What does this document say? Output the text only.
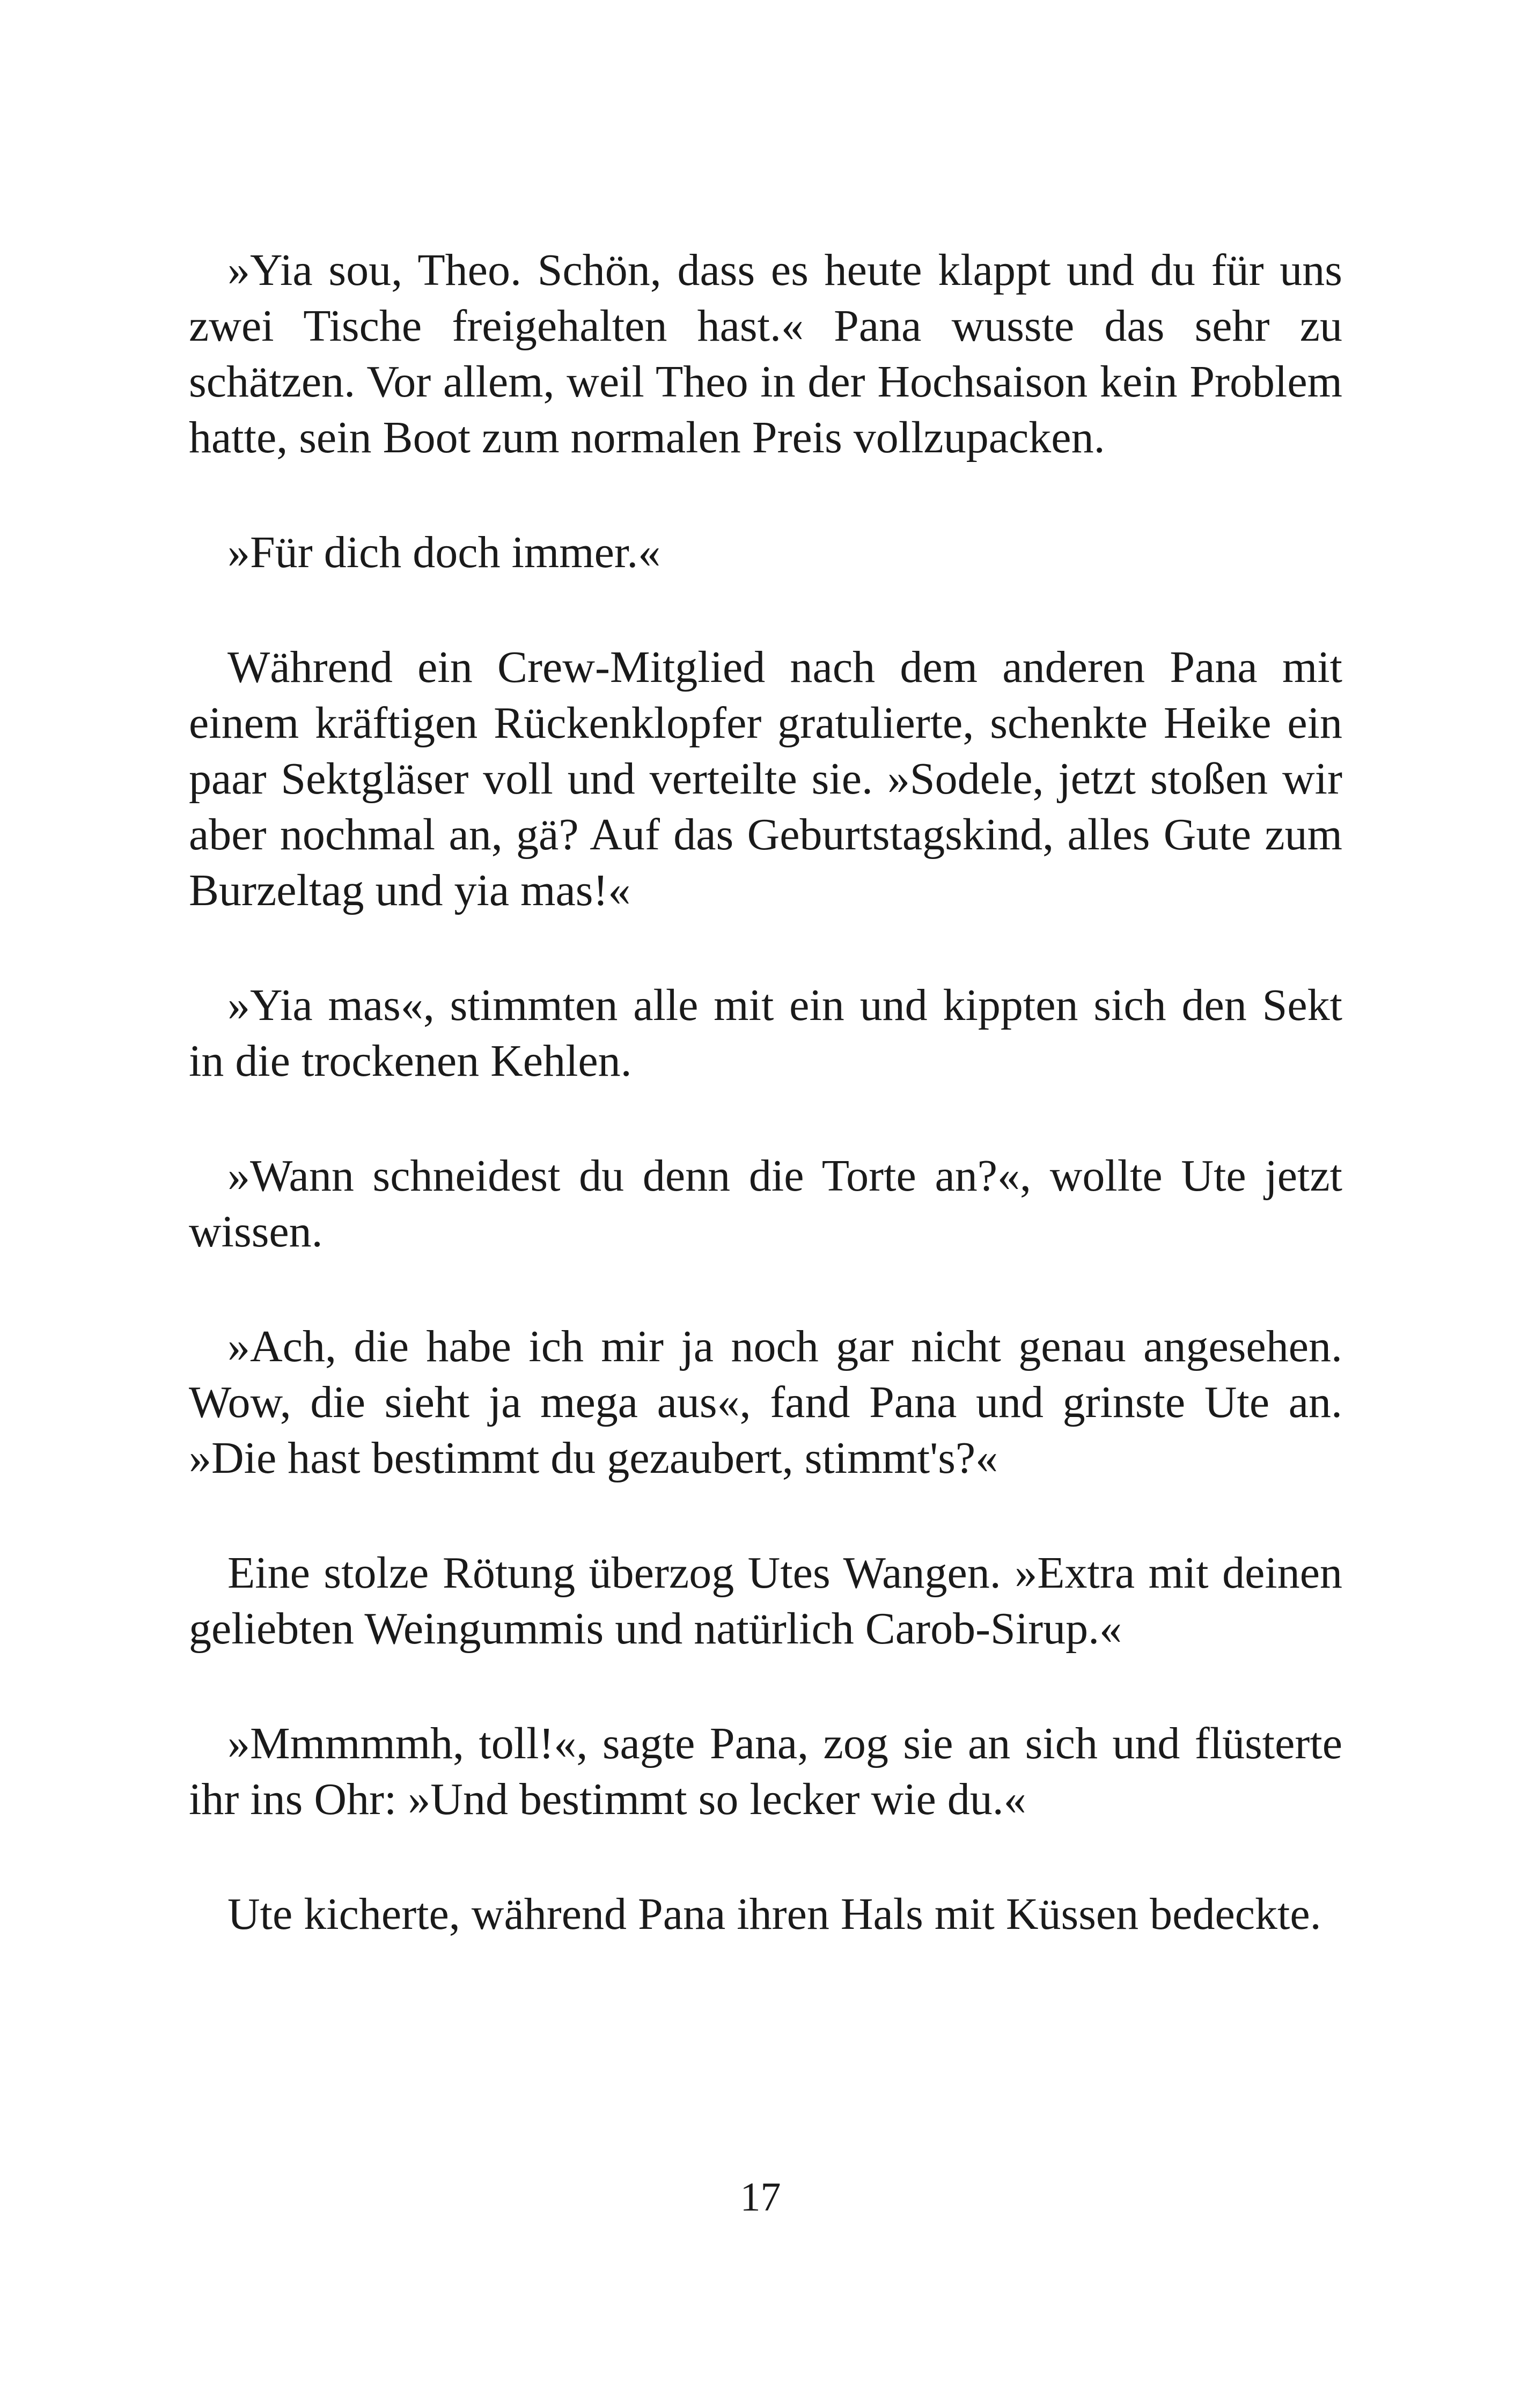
»Yia sou, Theo. Schön, dass es heute klappt und du für uns zwei Tische freigehalten hast.« Pana wusste das sehr zu schätzen. Vor allem, weil Theo in der Hochsaison kein Problem hatte, sein Boot zum normalen Preis vollzupacken.

»Für dich doch immer.«

Während ein Crew-Mitglied nach dem anderen Pana mit einem kräftigen Rückenklopfer gratulierte, schenkte Heike ein paar Sektgläser voll und verteilte sie. »Sodele, jetzt stoßen wir aber nochmal an, gä? Auf das Geburtstagskind, alles Gute zum Burzeltag und yia mas!«

»Yia mas«, stimmten alle mit ein und kippten sich den Sekt in die trockenen Kehlen.

»Wann schneidest du denn die Torte an?«, wollte Ute jetzt wissen.

»Ach, die habe ich mir ja noch gar nicht genau angesehen. Wow, die sieht ja mega aus«, fand Pana und grinste Ute an. »Die hast bestimmt du gezaubert, stimmt's?«

Eine stolze Rötung überzog Utes Wangen. »Extra mit deinen geliebten Weingummis und natürlich Carob-Sirup.«

»Mmmmmh, toll!«, sagte Pana, zog sie an sich und flüsterte ihr ins Ohr: »Und bestimmt so lecker wie du.«

Ute kicherte, während Pana ihren Hals mit Küssen bedeckte.

17
